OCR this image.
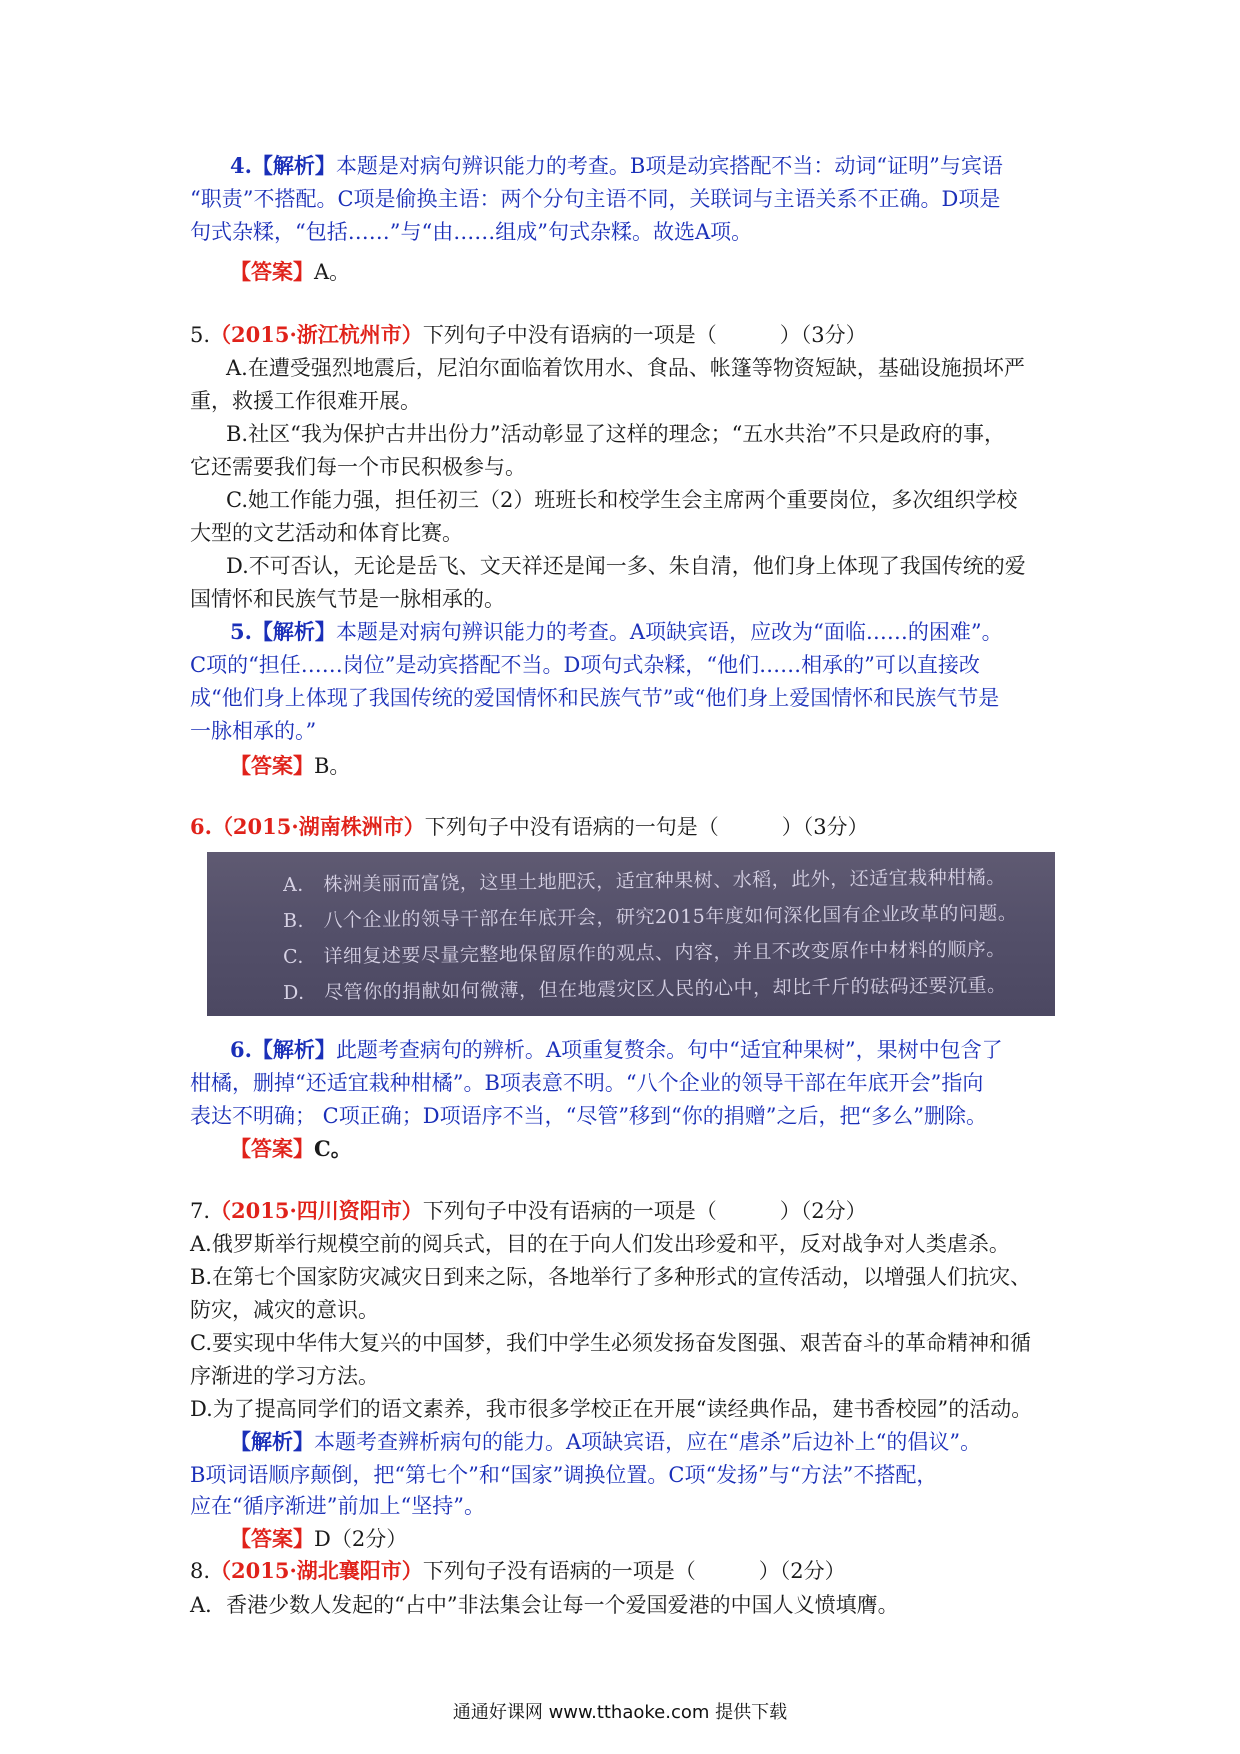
4.【解析】本题是对病句辨识能力的考查。B项是动宾搭配不当：动词“证明”与宾语
“职责”不搭配。C项是偷换主语：两个分句主语不同，关联词与主语关系不正确。D项是
句式杂糅，“包括……”与“由……组成”句式杂糅。故选A项。
【答案】A。
5.（2015·浙江杭州市）下列句子中没有语病的一项是（　　　）（3分）
A.在遭受强烈地震后，尼泊尔面临着饮用水、食品、帐篷等物资短缺，基础设施损坏严
重，救援工作很难开展。
B.社区“我为保护古井出份力”活动彰显了这样的理念；“五水共治”不只是政府的事，
它还需要我们每一个市民积极参与。
C.她工作能力强，担任初三（2）班班长和校学生会主席两个重要岗位，多次组织学校
大型的文艺活动和体育比赛。
D.不可否认，无论是岳飞、文天祥还是闻一多、朱自清，他们身上体现了我国传统的爱
国情怀和民族气节是一脉相承的。
5.【解析】本题是对病句辨识能力的考查。A项缺宾语，应改为“面临……的困难”。
C项的“担任……岗位”是动宾搭配不当。D项句式杂糅，“他们……相承的”可以直接改
成“他们身上体现了我国传统的爱国情怀和民族气节”或“他们身上爱国情怀和民族气节是
一脉相承的。”
【答案】B。
6.（2015·湖南株洲市）下列句子中没有语病的一句是（　　　）（3分）
A.　株洲美丽而富饶，这里土地肥沃，适宜种果树、水稻，此外，还适宜栽种柑橘。
B.　八个企业的领导干部在年底开会，研究2015年度如何深化国有企业改革的问题。
C.　详细复述要尽量完整地保留原作的观点、内容，并且不改变原作中材料的顺序。
D.　尽管你的捐献如何微薄，但在地震灾区人民的心中，却比千斤的砝码还要沉重。
6.【解析】此题考查病句的辨析。A项重复赘余。句中“适宜种果树”，果树中包含了
柑橘，删掉“还适宜栽种柑橘”。B项表意不明。“八个企业的领导干部在年底开会”指向
表达不明确； C项正确；D项语序不当，“尽管”移到“你的捐赠”之后，把“多么”删除。
【答案】C。
7.（2015·四川资阳市）下列句子中没有语病的一项是（　　　）（2分）
A.俄罗斯举行规模空前的阅兵式，目的在于向人们发出珍爱和平，反对战争对人类虐杀。
B.在第七个国家防灾减灾日到来之际，各地举行了多种形式的宣传活动，以增强人们抗灾、
防灾，减灾的意识。
C.要实现中华伟大复兴的中国梦，我们中学生必须发扬奋发图强、艰苦奋斗的革命精神和循
序渐进的学习方法。
D.为了提高同学们的语文素养，我市很多学校正在开展“读经典作品，建书香校园”的活动。
【解析】本题考查辨析病句的能力。A项缺宾语，应在“虐杀”后边补上“的倡议”。
B项词语顺序颠倒，把“第七个”和“国家”调换位置。C项“发扬”与“方法”不搭配，
应在“循序渐进”前加上“坚持”。
【答案】D（2分）
8.（2015·湖北襄阳市）下列句子没有语病的一项是（　　　）（2分）
A．香港少数人发起的“占中”非法集会让每一个爱国爱港的中国人义愤填膺。
通通好课网 www.tthaoke.com 提供下载
